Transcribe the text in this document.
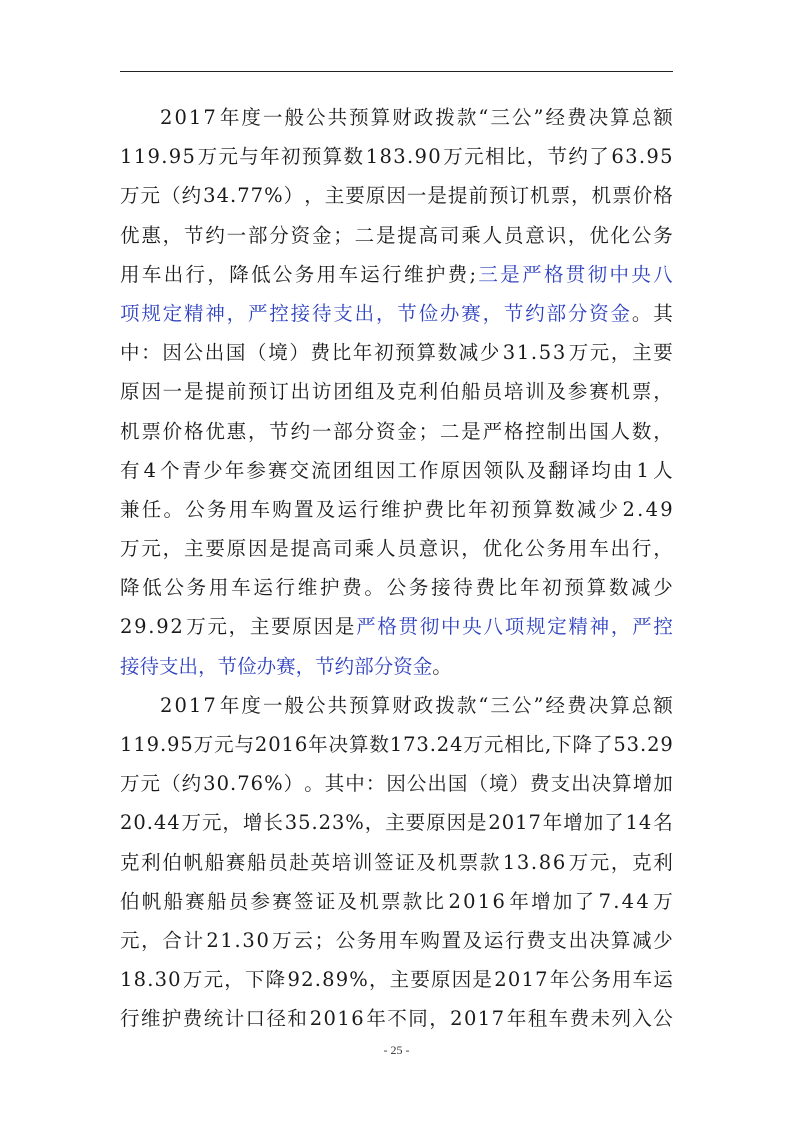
2 0 1 7 年 度 一 般 公 共 预 算 财 政 拨 款 “ 三 公 ” 经 费 决 算 总 额
1 1 9 . 9 5 万 元 与 年 初 预 算 数 1 8 3 . 9 0 万 元 相 比 ， 节 约 了 6 3 . 9 5
万 元 （ 约 3 4 . 7 7 % ） ， 主 要 原 因 一 是 提 前 预 订 机 票 ， 机 票 价 格
优 惠 ， 节 约 一 部 分 资 金 ； 二 是 提 高 司 乘 人 员 意 识 ， 优 化 公 务
用 车 出 行 ， 降 低 公 务 用 车 运 行 维 护 费 ; 三 是 严 格 贯 彻 中 央 八
项 规 定 精 神 ， 严 控 接 待 支 出 ， 节 俭 办 赛 ， 节 约 部 分 资 金 。 其
中 ： 因 公 出 国 （ 境 ） 费 比 年 初 预 算 数 减 少 3 1 . 5 3 万 元 ， 主 要
原 因 一 是 提 前 预 订 出 访 团 组 及 克 利 伯 船 员 培 训 及 参 赛 机 票 ，
机 票 价 格 优 惠 ， 节 约 一 部 分 资 金 ； 二 是 严 格 控 制 出 国 人 数 ，
有 4 个 青 少 年 参 赛 交 流 团 组 因 工 作 原 因 领 队 及 翻 译 均 由 1 人
兼 任 。 公 务 用 车 购 置 及 运 行 维 护 费 比 年 初 预 算 数 减 少 2 . 4 9
万 元 ， 主 要 原 因 是 提 高 司 乘 人 员 意 识 ， 优 化 公 务 用 车 出 行 ，
降 低 公 务 用 车 运 行 维 护 费 。 公 务 接 待 费 比 年 初 预 算 数 减 少
2 9 . 9 2 万 元 ， 主 要 原 因 是 严 格 贯 彻 中 央 八 项 规 定 精 神 ， 严 控
接 待 支 出 ， 节 俭 办 赛 ， 节 约 部 分 资 金 。
2 0 1 7 年 度 一 般 公 共 预 算 财 政 拨 款 “ 三 公 ” 经 费 决 算 总 额
1 1 9 . 9 5 万 元 与 2 0 1 6 年 决 算 数 1 7 3 . 2 4 万 元 相 比 , 下 降 了 5 3 . 2 9
万 元 （ 约 3 0 . 7 6 % ） 。 其 中 ： 因 公 出 国 （ 境 ） 费 支 出 决 算 增 加
2 0 . 4 4 万 元 ， 增 长 3 5 . 2 3 % ， 主 要 原 因 是 2 0 1 7 年 增 加 了 1 4 名
克 利 伯 帆 船 赛 船 员 赴 英 培 训 签 证 及 机 票 款 1 3 . 8 6 万 元 ， 克 利
伯 帆 船 赛 船 员 参 赛 签 证 及 机 票 款 比 2 0 1 6 年 增 加 了 7 . 4 4 万
元 ， 合 计 2 1 . 3 0 万 云 ； 公 务 用 车 购 置 及 运 行 费 支 出 决 算 减 少
1 8 . 3 0 万 元 ， 下 降 9 2 . 8 9 % ， 主 要 原 因 是 2 0 1 7 年 公 务 用 车 运
行 维 护 费 统 计 口 径 和 2 0 1 6 年 不 同 ， 2 0 1 7 年 租 车 费 未 列 入 公
- 25 -
